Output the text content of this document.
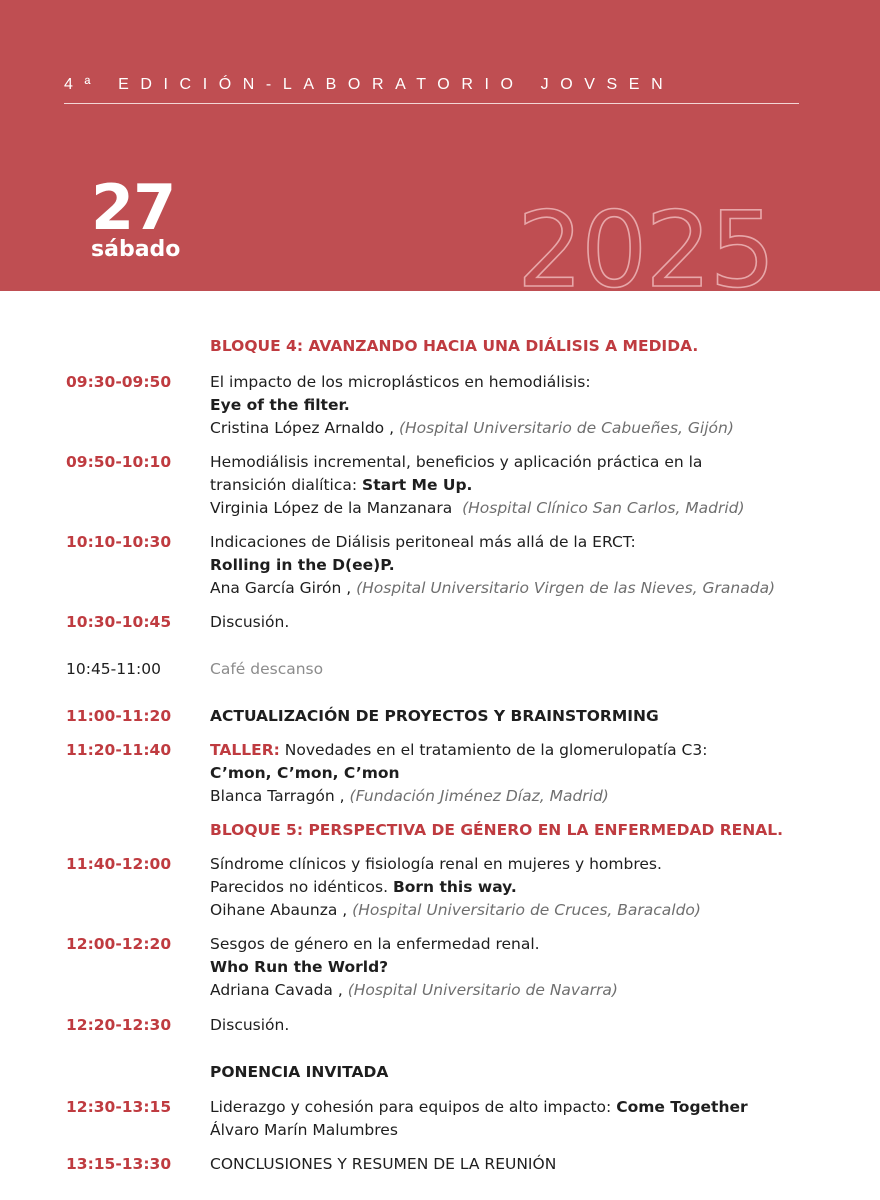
4ª EDICIÓN-LABORATORIO JOVSEN
27
sábado	2025
BLOQUE 4: AVANZANDO HACIA UNA DIÁLISIS A MEDIDA.
09:30-09:50	El impacto de los microplásticos en hemodiálisis:
Eye of the filter.
Cristina López Arnaldo , (Hospital Universitario de Cabueñes, Gijón)
09:50-10:10	Hemodiálisis incremental, beneficios y aplicación práctica en la
transición dialítica: Start Me Up.
Virginia López de la Manzanara (Hospital Clínico San Carlos, Madrid)
10:10-10:30	Indicaciones de Diálisis peritoneal más allá de la ERCT:
Rolling in the D(ee)P.
Ana García Girón , (Hospital Universitario Virgen de las Nieves, Granada)
10:30-10:45	Discusión.
10:45-11:00	Café descanso
11:00-11:20	ACTUALIZACIÓN DE PROYECTOS Y BRAINSTORMING
11:20-11:40	TALLER: Novedades en el tratamiento de la glomerulopatía C3:
C’mon, C’mon, C’mon
Blanca Tarragón , (Fundación Jiménez Díaz, Madrid)
BLOQUE 5: PERSPECTIVA DE GÉNERO EN LA ENFERMEDAD RENAL.
11:40-12:00	Síndrome clínicos y fisiología renal en mujeres y hombres.
Parecidos no idénticos. Born this way.
Oihane Abaunza , (Hospital Universitario de Cruces, Baracaldo)
12:00-12:20	Sesgos de género en la enfermedad renal.
Who Run the World?
Adriana Cavada , (Hospital Universitario de Navarra)
12:20-12:30	Discusión.
PONENCIA INVITADA
12:30-13:15	Liderazgo y cohesión para equipos de alto impacto: Come Together
Álvaro Marín Malumbres
13:15-13:30	CONCLUSIONES Y RESUMEN DE LA REUNIÓN
